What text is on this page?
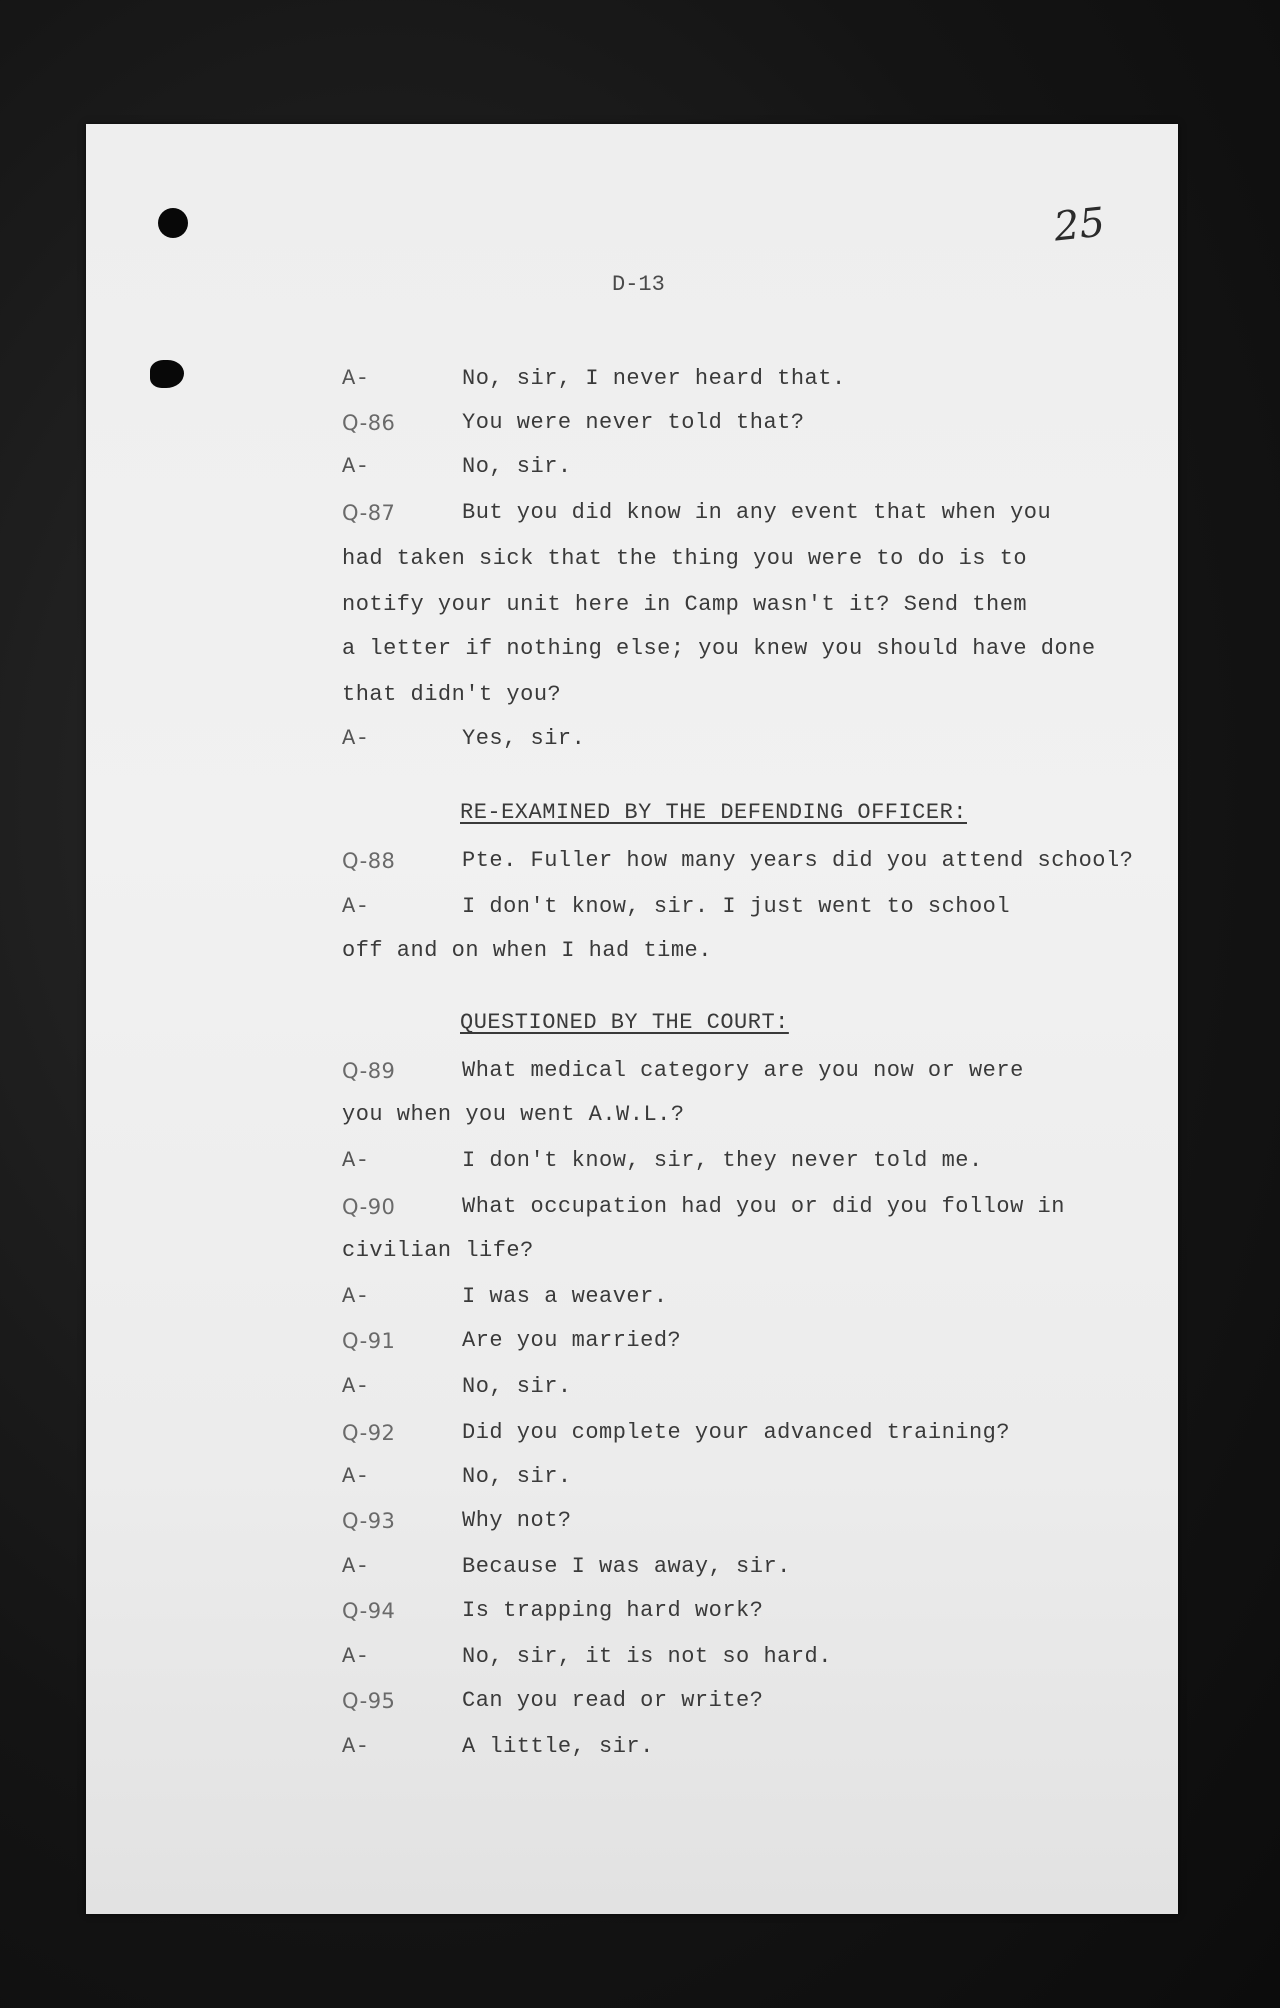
25
D-13
A-	No, sir, I never heard that.
Q-86	You were never told that?
A-	No, sir.
Q-87	But you did know in any event that when you
had taken sick that the thing you were to do is to
notify your unit here in Camp wasn't it? Send them
a letter if nothing else; you knew you should have done
that didn't you?
A-	Yes, sir.
RE-EXAMINED BY THE DEFENDING OFFICER:
Q-88	Pte. Fuller how many years did you attend school?
A-	I don't know, sir. I just went to school
off and on when I had time.
QUESTIONED BY THE COURT:
Q-89	What medical category are you now or were
you when you went A.W.L.?
A-	I don't know, sir, they never told me.
Q-90	What occupation had you or did you follow in
civilian life?
A-	I was a weaver.
Q-91	Are you married?
A-	No, sir.
Q-92	Did you complete your advanced training?
A-	No, sir.
Q-93	Why not?
A-	Because I was away, sir.
Q-94	Is trapping hard work?
A-	No, sir, it is not so hard.
Q-95	Can you read or write?
A-	A little, sir.
